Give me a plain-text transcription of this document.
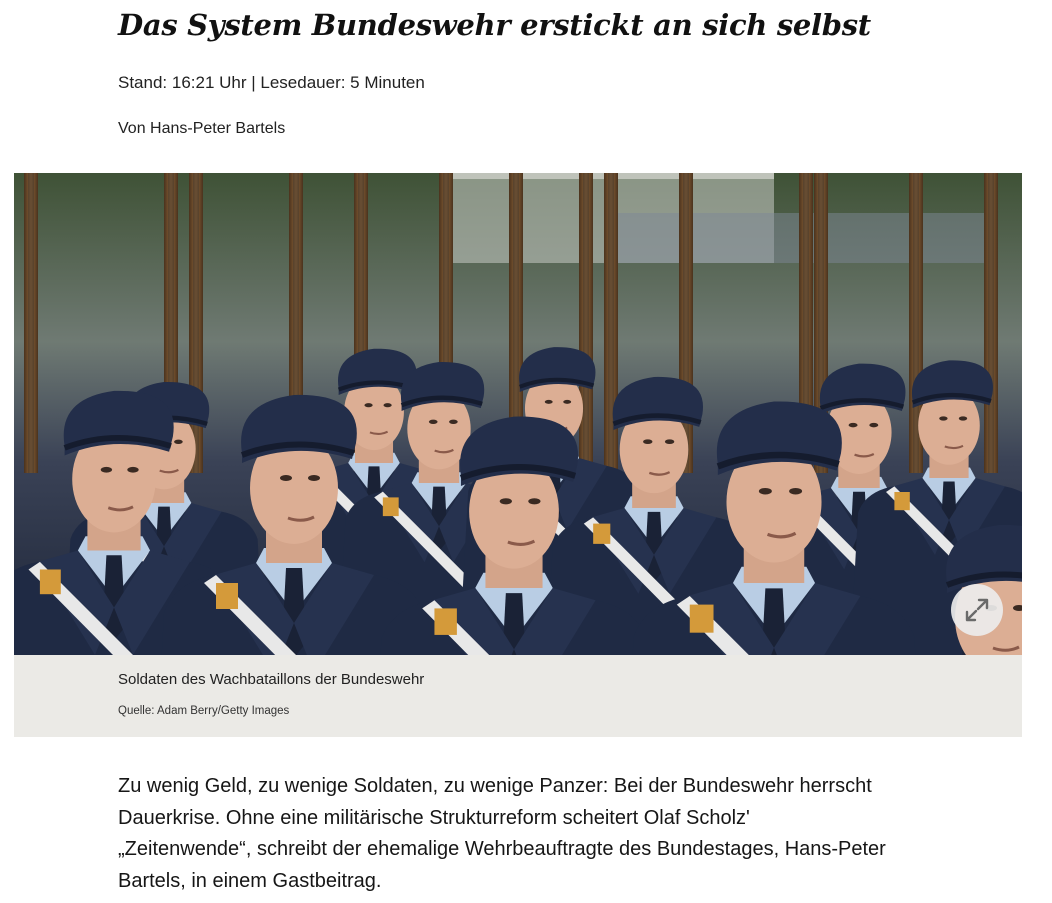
Das System Bundeswehr erstickt an sich selbst
Stand: 16:21 Uhr | Lesedauer: 5 Minuten
Von Hans-Peter Bartels
Soldaten des Wachbataillons der Bundeswehr
Quelle: Adam Berry/Getty Images

Zu wenig Geld, zu wenige Soldaten, zu wenige Panzer: Bei der Bundeswehr herrscht Dauerkrise. Ohne eine militärische Strukturreform scheitert Olaf Scholz' „Zeitenwende“, schreibt der ehemalige Wehrbeauftragte des Bundestages, Hans-Peter Bartels, in einem Gastbeitrag.
